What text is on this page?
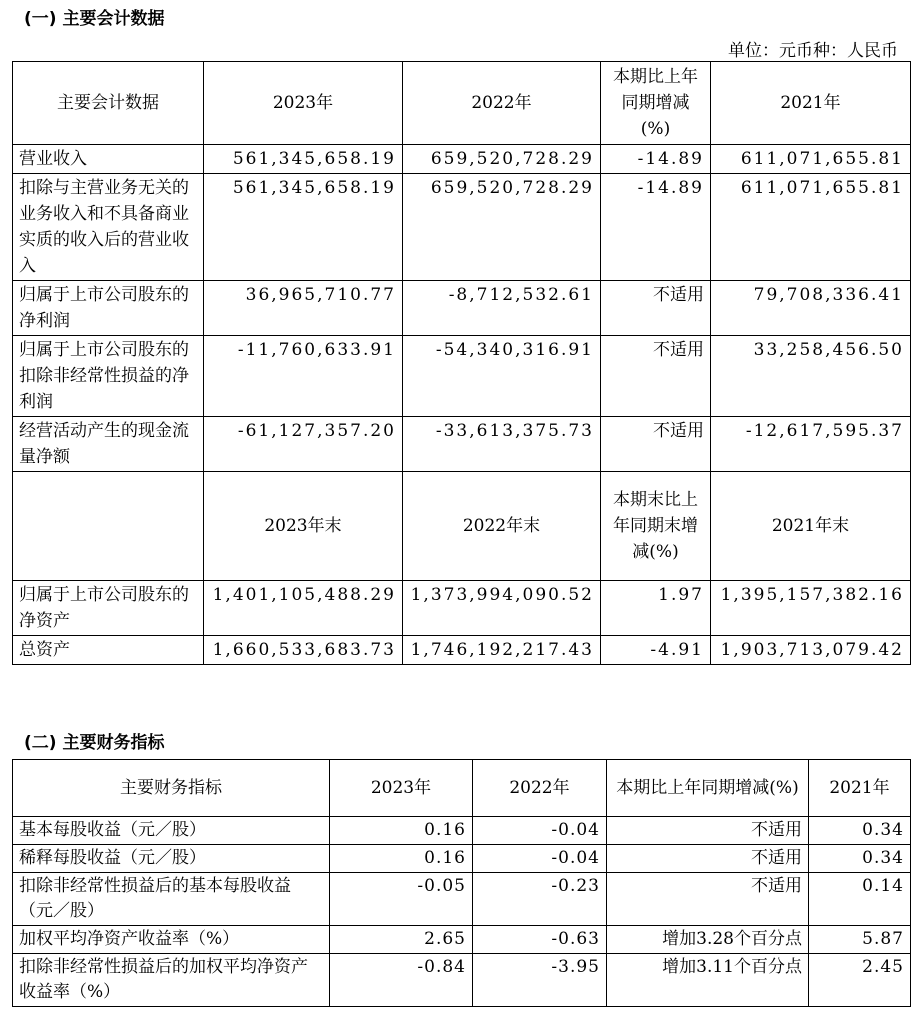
(一) 主要会计数据
单位：元币种：人民币
主要会计数据	2023年	2022年	本期比上年同期增减(%)	2021年
营业收入	561,345,658.19	659,520,728.29	-14.89	611,071,655.81
扣除与主营业务无关的业务收入和不具备商业实质的收入后的营业收入	561,345,658.19	659,520,728.29	-14.89	611,071,655.81
归属于上市公司股东的净利润	36,965,710.77	-8,712,532.61	不适用	79,708,336.41
归属于上市公司股东的扣除非经常性损益的净利润	-11,760,633.91	-54,340,316.91	不适用	33,258,456.50
经营活动产生的现金流量净额	-61,127,357.20	-33,613,375.73	不适用	-12,617,595.37
	2023年末	2022年末	本期末比上年同期末增减(%)	2021年末
归属于上市公司股东的净资产	1,401,105,488.29	1,373,994,090.52	1.97	1,395,157,382.16
总资产	1,660,533,683.73	1,746,192,217.43	-4.91	1,903,713,079.42
(二) 主要财务指标
主要财务指标	2023年	2022年	本期比上年同期增减(%)	2021年
基本每股收益（元／股）	0.16	-0.04	不适用	0.34
稀释每股收益（元／股）	0.16	-0.04	不适用	0.34
扣除非经常性损益后的基本每股收益（元／股）	-0.05	-0.23	不适用	0.14
加权平均净资产收益率（%）	2.65	-0.63	增加3.28个百分点	5.87
扣除非经常性损益后的加权平均净资产收益率（%）	-0.84	-3.95	增加3.11个百分点	2.45
